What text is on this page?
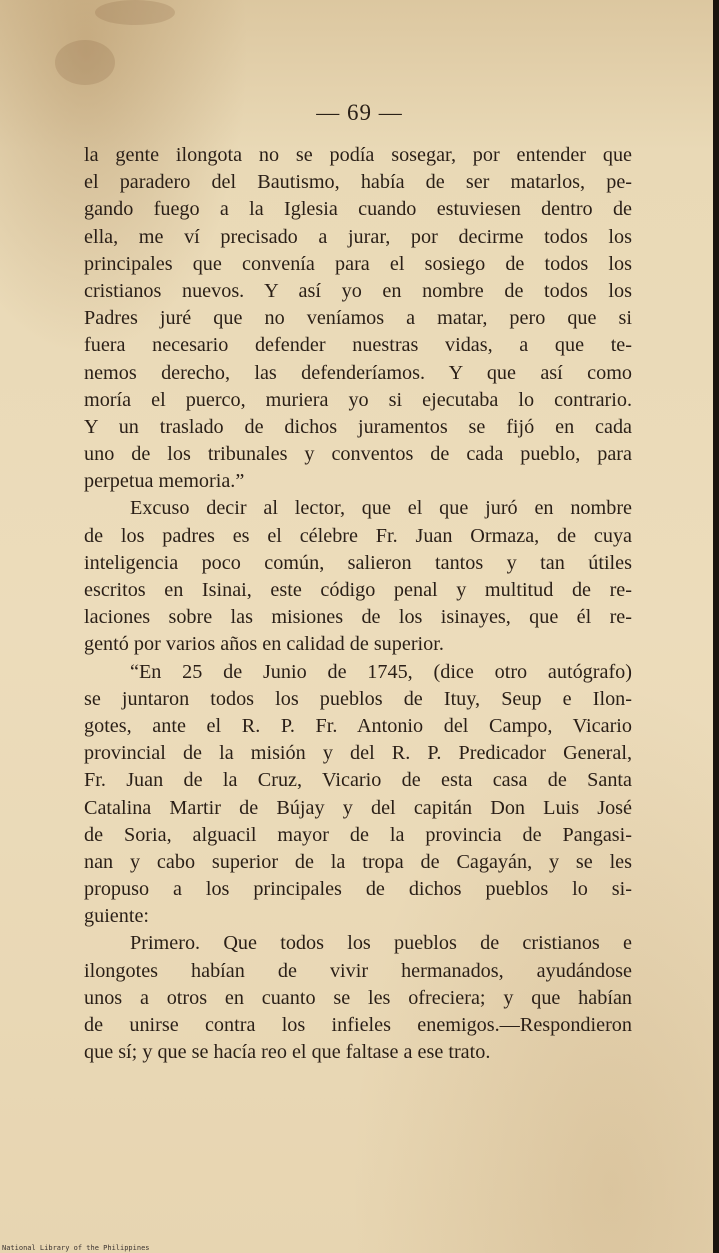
— 69 —
la gente ilongota no se podía sosegar, por entender que
el paradero del Bautismo, había de ser matarlos, pe-
gando fuego a la Iglesia cuando estuviesen dentro de
ella, me ví precisado a jurar, por decirme todos los
principales que convenía para el sosiego de todos los
cristianos nuevos. Y así yo en nombre de todos los
Padres juré que no veníamos a matar, pero que si
fuera necesario defender nuestras vidas, a que te-
nemos derecho, las defenderíamos. Y que así como
moría el puerco, muriera yo si ejecutaba lo contrario.
Y un traslado de dichos juramentos se fijó en cada
uno de los tribunales y conventos de cada pueblo, para
perpetua memoria.”
Excuso decir al lector, que el que juró en nombre
de los padres es el célebre Fr. Juan Ormaza, de cuya
inteligencia poco común, salieron tantos y tan útiles
escritos en Isinai, este código penal y multitud de re-
laciones sobre las misiones de los isinayes, que él re-
gentó por varios años en calidad de superior.
“En 25 de Junio de 1745, (dice otro autógrafo)
se juntaron todos los pueblos de Ituy, Seup e Ilon-
gotes, ante el R. P. Fr. Antonio del Campo, Vicario
provincial de la misión y del R. P. Predicador General,
Fr. Juan de la Cruz, Vicario de esta casa de Santa
Catalina Martir de Bújay y del capitán Don Luis José
de Soria, alguacil mayor de la provincia de Pangasi-
nan y cabo superior de la tropa de Cagayán, y se les
propuso a los principales de dichos pueblos lo si-
guiente:
Primero. Que todos los pueblos de cristianos e
ilongotes habían de vivir hermanados, ayudándose
unos a otros en cuanto se les ofreciera; y que habían
de unirse contra los infieles enemigos.—Respondieron
que sí; y que se hacía reo el que faltase a ese trato.
National Library of the Philippines
